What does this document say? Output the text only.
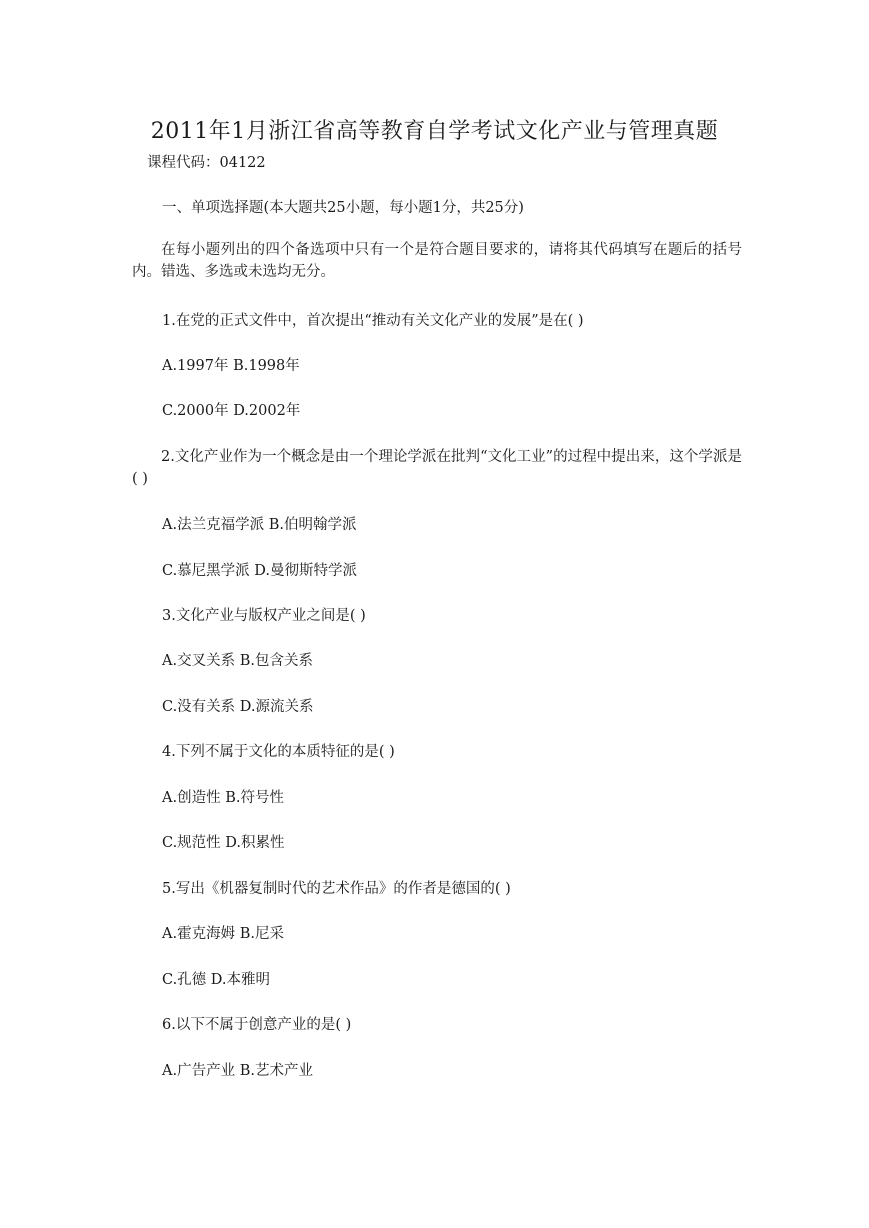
2011年1月浙江省高等教育自学考试文化产业与管理真题
课程代码：04122
一、单项选择题(本大题共25小题，每小题1分，共25分)
在每小题列出的四个备选项中只有一个是符合题目要求的，请将其代码填写在题后的括号内。错选、多选或未选均无分。
1.在党的正式文件中，首次提出“推动有关文化产业的发展”是在( )
A.1997年 B.1998年
C.2000年 D.2002年
2.文化产业作为一个概念是由一个理论学派在批判“文化工业”的过程中提出来，这个学派是( )
A.法兰克福学派 B.伯明翰学派
C.慕尼黑学派 D.曼彻斯特学派
3.文化产业与版权产业之间是( )
A.交叉关系 B.包含关系
C.没有关系 D.源流关系
4.下列不属于文化的本质特征的是( )
A.创造性 B.符号性
C.规范性 D.积累性
5.写出《机器复制时代的艺术作品》的作者是德国的( )
A.霍克海姆 B.尼采
C.孔德 D.本雅明
6.以下不属于创意产业的是( )
A.广告产业 B.艺术产业
